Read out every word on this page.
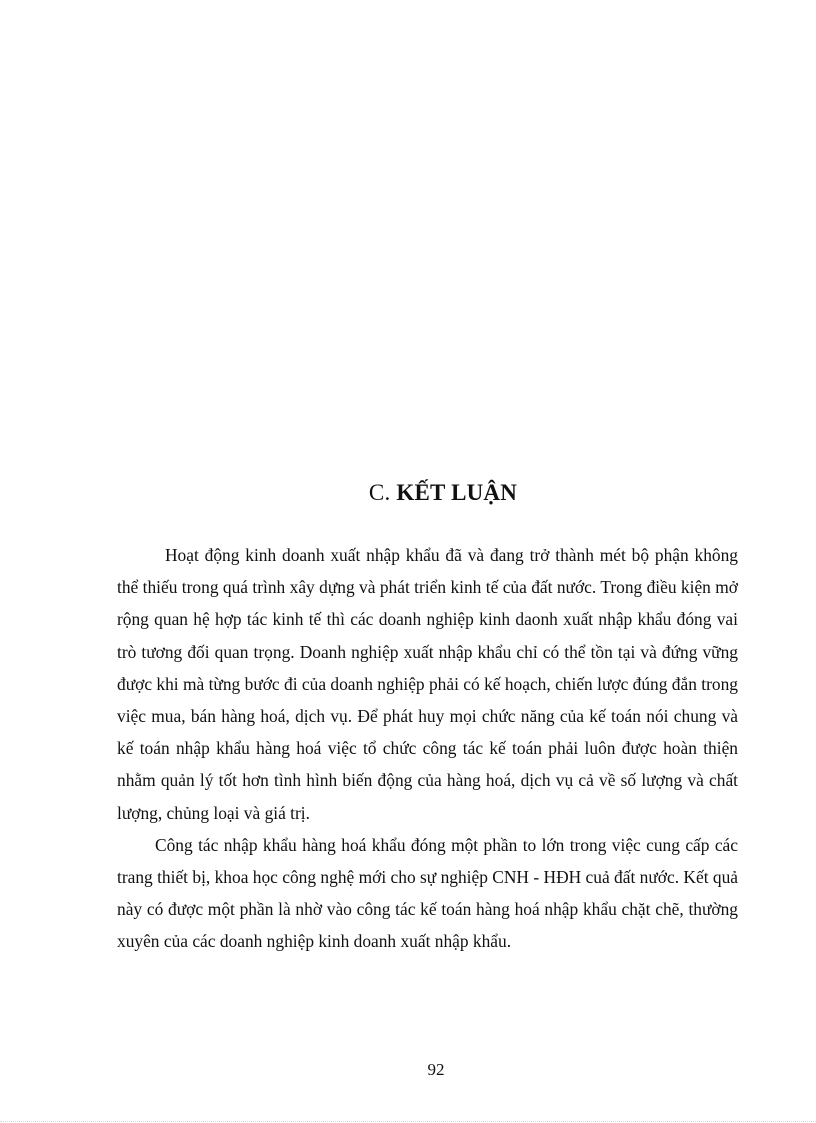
C. KẾT LUẬN

Hoạt động kinh doanh xuất nhập khẩu đã và đang trở thành mét bộ phận không thể thiếu trong quá trình xây dựng và phát triển kinh tế của đất nước. Trong điều kiện mở rộng quan hệ hợp tác kinh tế thì các doanh nghiệp kinh daonh xuất nhập khẩu đóng vai trò tương đối quan trọng. Doanh nghiệp xuất nhập khẩu chỉ có thể tồn tại và đứng vững được khi mà từng bước đi của doanh nghiệp phải có kế hoạch, chiến lược đúng đắn trong việc mua, bán hàng hoá, dịch vụ. Để phát huy mọi chức năng của kế toán nói chung và kế toán nhập khẩu hàng hoá việc tổ chức công tác kế toán phải luôn được hoàn thiện nhằm quản lý tốt hơn tình hình biến động của hàng hoá, dịch vụ cả về số lượng và chất lượng, chủng loại và giá trị.

Công tác nhập khẩu hàng hoá khẩu đóng một phần to lớn trong việc cung cấp các trang thiết bị, khoa học công nghệ mới cho sự nghiệp CNH - HĐH cuả đất nước. Kết quả này có được một phần là nhờ vào công tác kế toán hàng hoá nhập khẩu chặt chẽ, thường xuyên của các doanh nghiệp kinh doanh xuất nhập khẩu.

92
